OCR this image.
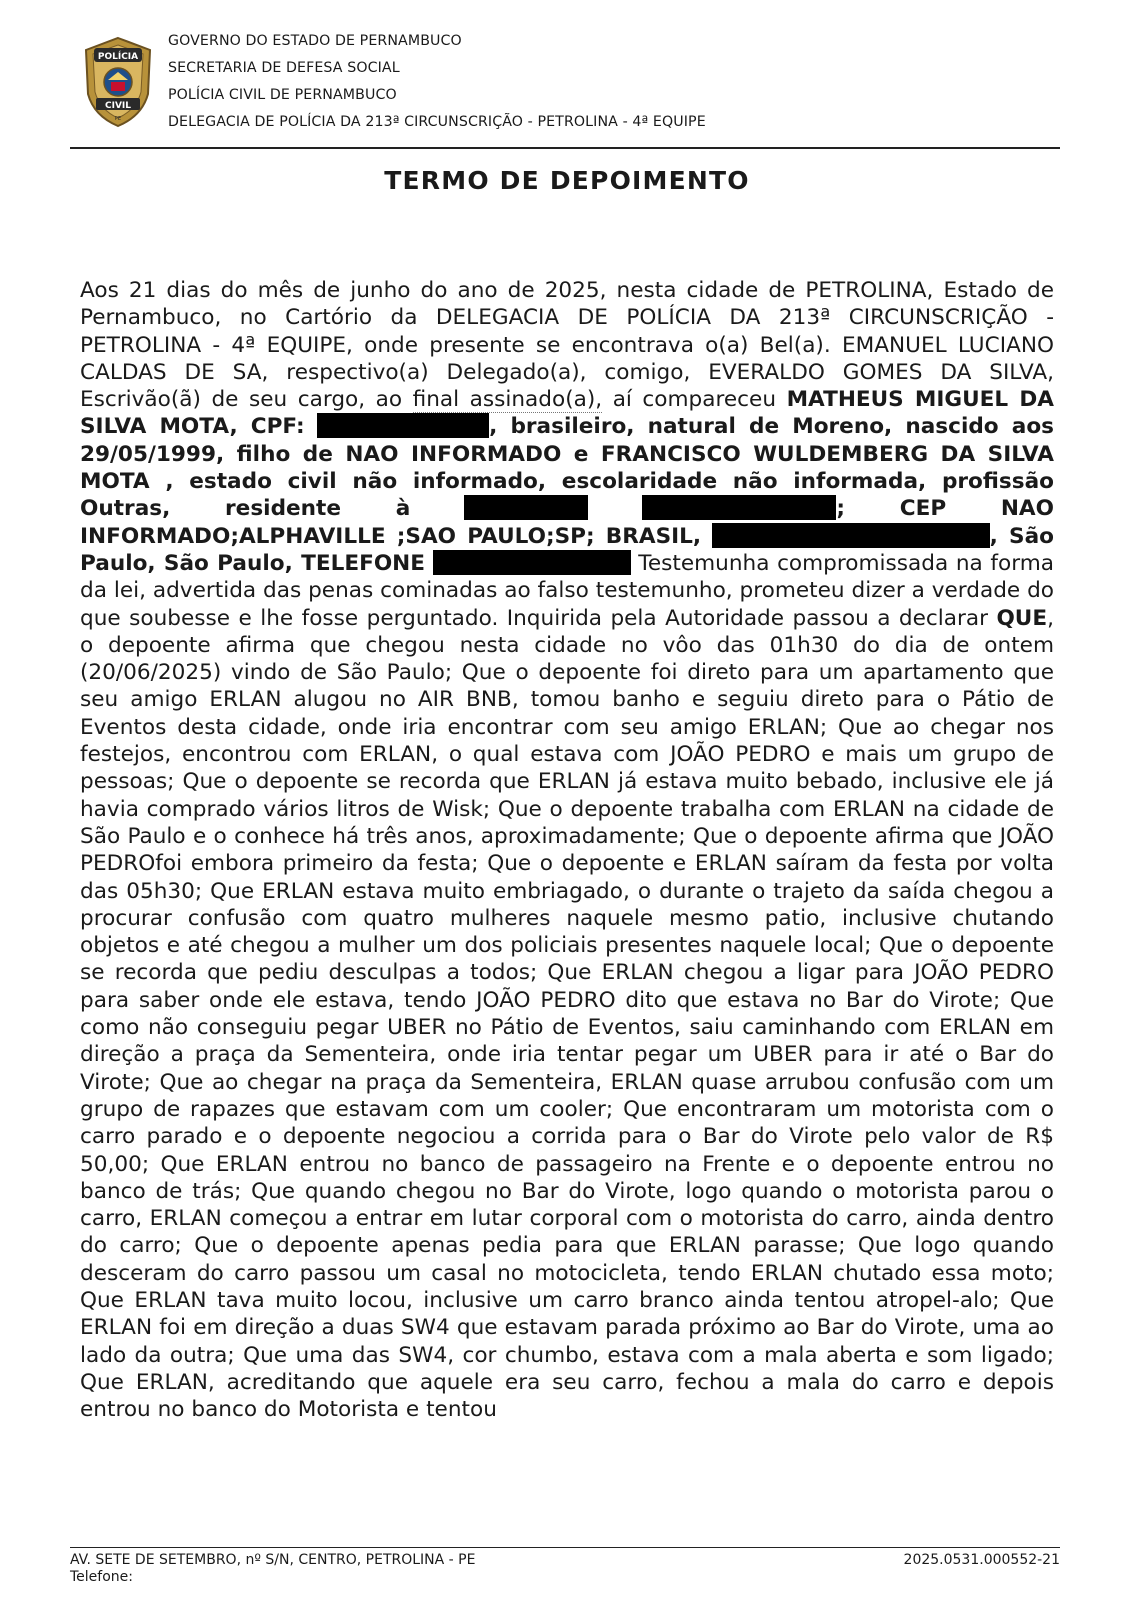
POLÍCIA
CIVIL
PE
GOVERNO DO ESTADO DE PERNAMBUCO
SECRETARIA DE DEFESA SOCIAL
POLÍCIA CIVIL DE PERNAMBUCO
DELEGACIA DE POLÍCIA DA 213ª CIRCUNSCRIÇÃO - PETROLINA - 4ª EQUIPE
TERMO DE DEPOIMENTO
Aos 21 dias do mês de junho do ano de 2025, nesta cidade de PETROLINA, Estado de Pernambuco, no Cartório da DELEGACIA DE POLÍCIA DA 213ª CIRCUNSCRIÇÃO - PETROLINA - 4ª EQUIPE, onde presente se encontrava o(a) Bel(a). EMANUEL LUCIANO CALDAS DE SA, respectivo(a) Delegado(a), comigo, EVERALDO GOMES DA SILVA, Escrivão(ã) de seu cargo, ao final assinado(a), aí compareceu MATHEUS MIGUEL DA SILVA MOTA, CPF:	, brasileiro, natural de Moreno, nascido aos 29/05/1999, filho de NAO INFORMADO e FRANCISCO WULDEMBERG DA SILVA MOTA , estado civil não informado, escolaridade não informada, profissão Outras, residente à	; CEP NAO INFORMADO;ALPHAVILLE ;SAO PAULO;SP; BRASIL,	, São Paulo, São Paulo, TELEFONE	Testemunha compromissada na forma da lei, advertida das penas cominadas ao falso testemunho, prometeu dizer a verdade do que soubesse e lhe fosse perguntado. Inquirida pela Autoridade passou a declarar QUE, o depoente afirma que chegou nesta cidade no vôo das 01h30 do dia de ontem (20/06/2025) vindo de São Paulo; Que o depoente foi direto para um apartamento que seu amigo ERLAN alugou no AIR BNB, tomou banho e seguiu direto para o Pátio de Eventos desta cidade, onde iria encontrar com seu amigo ERLAN; Que ao chegar nos festejos, encontrou com ERLAN, o qual estava com JOÃO PEDRO e mais um grupo de pessoas; Que o depoente se recorda que ERLAN já estava muito bebado, inclusive ele já havia comprado vários litros de Wisk; Que o depoente trabalha com ERLAN na cidade de São Paulo e o conhece há três anos, aproximadamente; Que o depoente afirma que JOÃO PEDROfoi embora primeiro da festa; Que o depoente e ERLAN saíram da festa por volta das 05h30; Que ERLAN estava muito embriagado, o durante o trajeto da saída chegou a procurar confusão com quatro mulheres naquele mesmo patio, inclusive chutando objetos e até chegou a mulher um dos policiais presentes naquele local; Que o depoente se recorda que pediu desculpas a todos; Que ERLAN chegou a ligar para JOÃO PEDRO para saber onde ele estava, tendo JOÃO PEDRO dito que estava no Bar do Virote; Que como não conseguiu pegar UBER no Pátio de Eventos, saiu caminhando com ERLAN em direção a praça da Sementeira, onde iria tentar pegar um UBER para ir até o Bar do Virote; Que ao chegar na praça da Sementeira, ERLAN quase arrubou confusão com um grupo de rapazes que estavam com um cooler; Que encontraram um motorista com o carro parado e o depoente negociou a corrida para o Bar do Virote pelo valor de R$ 50,00; Que ERLAN entrou no banco de passageiro na Frente e o depoente entrou no banco de trás; Que quando chegou no Bar do Virote, logo quando o motorista parou o carro, ERLAN começou a entrar em lutar corporal com o motorista do carro, ainda dentro do carro; Que o depoente apenas pedia para que ERLAN parasse; Que logo quando desceram do carro passou um casal no motocicleta, tendo ERLAN chutado essa moto; Que ERLAN tava muito locou, inclusive um carro branco ainda tentou atropel-alo; Que ERLAN foi em direção a duas SW4 que estavam parada próximo ao Bar do Virote, uma ao lado da outra; Que uma das SW4, cor chumbo, estava com a mala aberta e som ligado; Que ERLAN, acreditando que aquele era seu carro, fechou a mala do carro e depois entrou no banco do Motorista e tentou
AV. SETE DE SETEMBRO, nº S/N, CENTRO, PETROLINA - PE
Telefone:
2025.0531.000552-21
